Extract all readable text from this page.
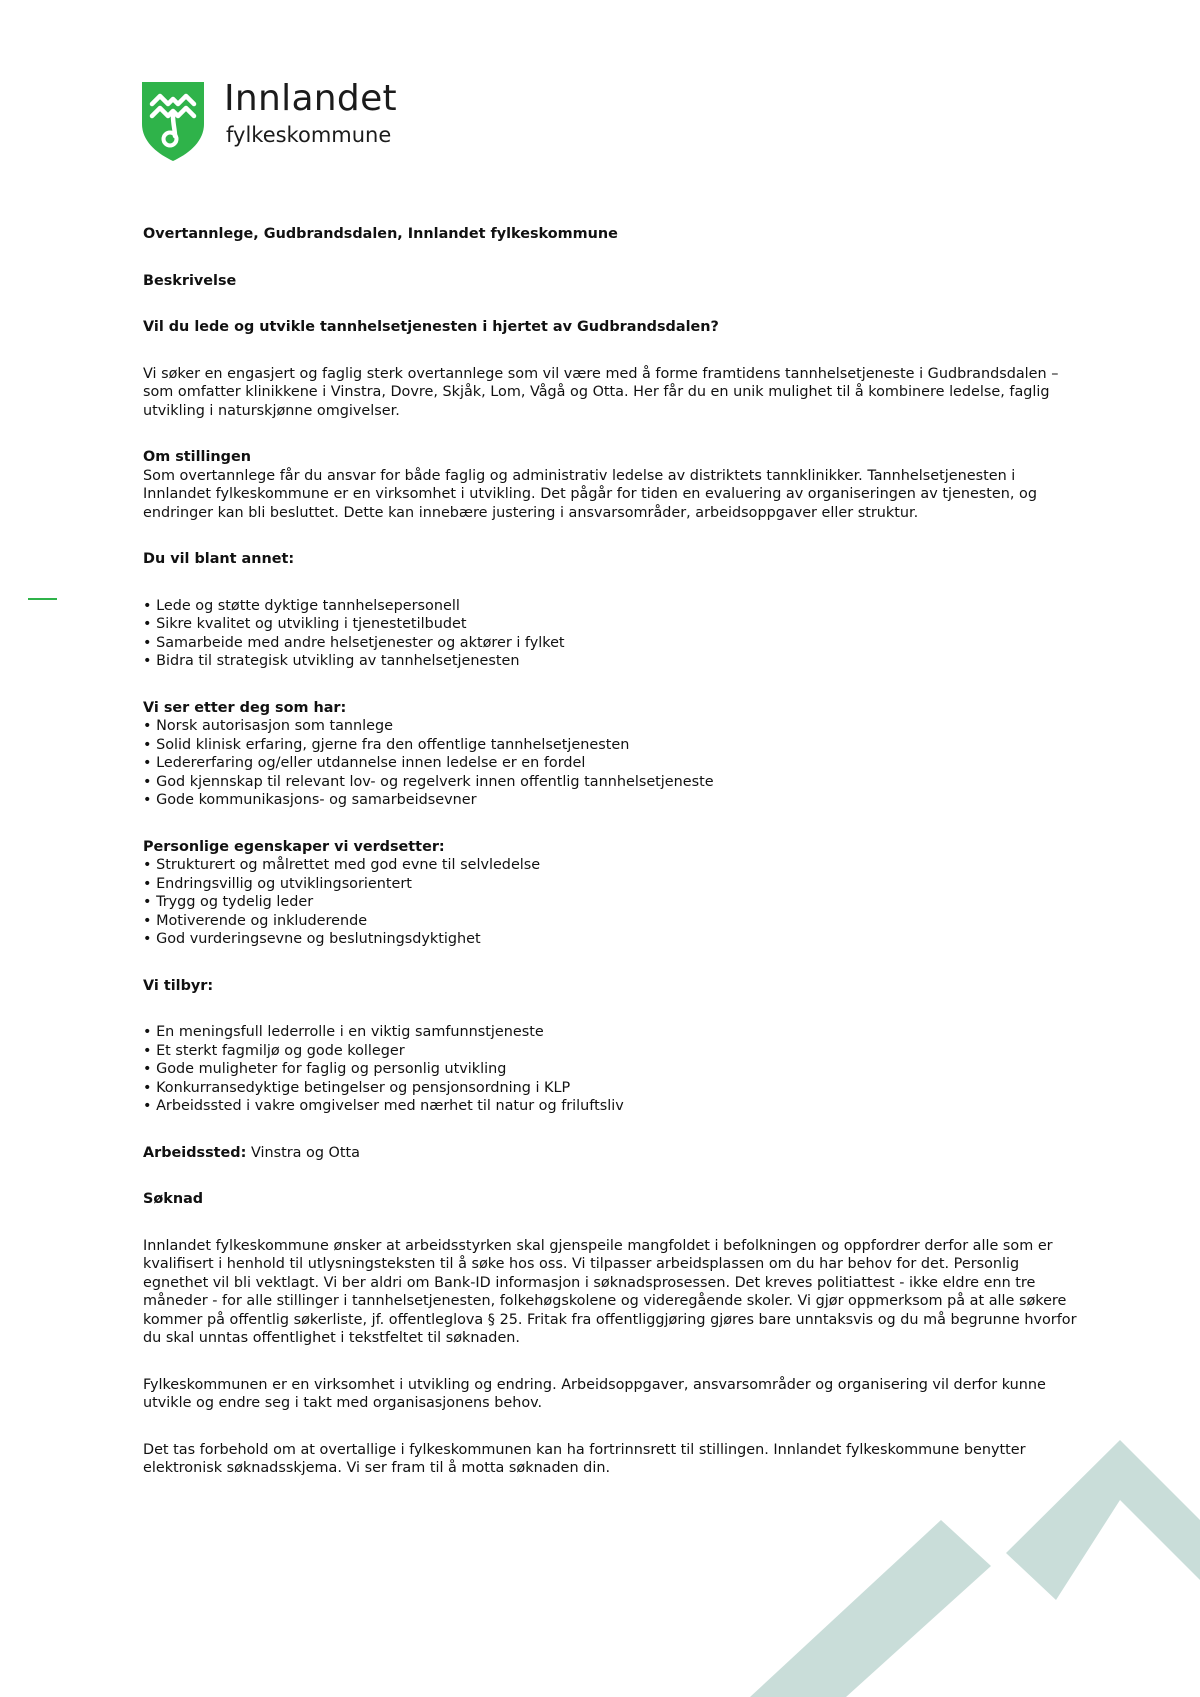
Innlandet
fylkeskommune

Overtannlege, Gudbrandsdalen, Innlandet fylkeskommune

Beskrivelse

Vil du lede og utvikle tannhelsetjenesten i hjertet av Gudbrandsdalen?

Vi søker en engasjert og faglig sterk overtannlege som vil være med å forme framtidens tannhelsetjeneste i Gudbrandsdalen – som omfatter klinikkene i Vinstra, Dovre, Skjåk, Lom, Vågå og Otta. Her får du en unik mulighet til å kombinere ledelse, faglig utvikling i naturskjønne omgivelser.

Om stillingen

Som overtannlege får du ansvar for både faglig og administrativ ledelse av distriktets tannklinikker. Tannhelsetjenesten i Innlandet fylkeskommune er en virksomhet i utvikling. Det pågår for tiden en evaluering av organiseringen av tjenesten, og endringer kan bli besluttet. Dette kan innebære justering i ansvarsområder, arbeidsoppgaver eller struktur.

Du vil blant annet:

• Lede og støtte dyktige tannhelsepersonell
• Sikre kvalitet og utvikling i tjenestetilbudet
• Samarbeide med andre helsetjenester og aktører i fylket
• Bidra til strategisk utvikling av tannhelsetjenesten

Vi ser etter deg som har:

• Norsk autorisasjon som tannlege
• Solid klinisk erfaring, gjerne fra den offentlige tannhelsetjenesten
• Ledererfaring og/eller utdannelse innen ledelse er en fordel
• God kjennskap til relevant lov- og regelverk innen offentlig tannhelsetjeneste
• Gode kommunikasjons- og samarbeidsevner

Personlige egenskaper vi verdsetter:

• Strukturert og målrettet med god evne til selvledelse
• Endringsvillig og utviklingsorientert
• Trygg og tydelig leder
• Motiverende og inkluderende
• God vurderingsevne og beslutningsdyktighet

Vi tilbyr:

• En meningsfull lederrolle i en viktig samfunnstjeneste
• Et sterkt fagmiljø og gode kolleger
• Gode muligheter for faglig og personlig utvikling
• Konkurransedyktige betingelser og pensjonsordning i KLP
• Arbeidssted i vakre omgivelser med nærhet til natur og friluftsliv

Arbeidssted: Vinstra og Otta

Søknad

Innlandet fylkeskommune ønsker at arbeidsstyrken skal gjenspeile mangfoldet i befolkningen og oppfordrer derfor alle som er kvalifisert i henhold til utlysningsteksten til å søke hos oss. Vi tilpasser arbeidsplassen om du har behov for det. Personlig egnethet vil bli vektlagt. Vi ber aldri om Bank-ID informasjon i søknadsprosessen. Det kreves politiattest - ikke eldre enn tre måneder - for alle stillinger i tannhelsetjenesten, folkehøgskolene og videregående skoler. Vi gjør oppmerksom på at alle søkere kommer på offentlig søkerliste, jf. offentleglova § 25. Fritak fra offentliggjøring gjøres bare unntaksvis og du må begrunne hvorfor du skal unntas offentlighet i tekstfeltet til søknaden.

Fylkeskommunen er en virksomhet i utvikling og endring. Arbeidsoppgaver, ansvarsområder og organisering vil derfor kunne utvikle og endre seg i takt med organisasjonens behov.

Det tas forbehold om at overtallige i fylkeskommunen kan ha fortrinnsrett til stillingen. Innlandet fylkeskommune benytter elektronisk søknadsskjema. Vi ser fram til å motta søknaden din.
